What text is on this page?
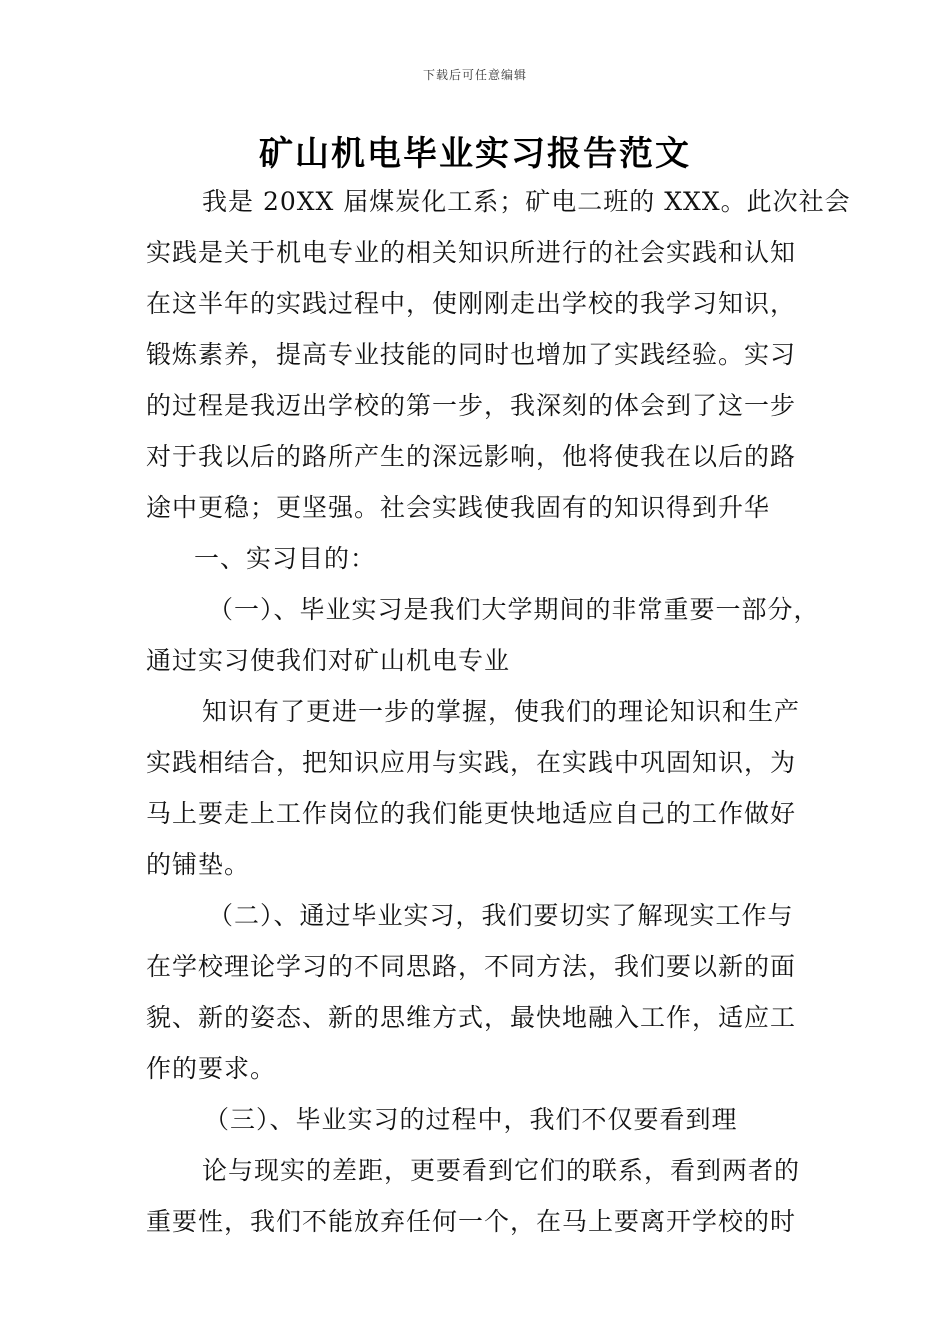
下载后可任意编辑
矿山机电毕业实习报告范文
我是 20XX 届煤炭化工系；矿电二班的 XXX。此次社会
实践是关于机电专业的相关知识所进行的社会实践和认知
在这半年的实践过程中，使刚刚走出学校的我学习知识，
锻炼素养，提高专业技能的同时也增加了实践经验。实习
的过程是我迈出学校的第一步，我深刻的体会到了这一步
对于我以后的路所产生的深远影响，他将使我在以后的路
途中更稳；更坚强。社会实践使我固有的知识得到升华
一、实习目的：
（一）、毕业实习是我们大学期间的非常重要一部分，
通过实习使我们对矿山机电专业
知识有了更进一步的掌握，使我们的理论知识和生产
实践相结合，把知识应用与实践，在实践中巩固知识，为
马上要走上工作岗位的我们能更快地适应自己的工作做好
的铺垫。
（二）、通过毕业实习，我们要切实了解现实工作与
在学校理论学习的不同思路，不同方法，我们要以新的面
貌、新的姿态、新的思维方式，最快地融入工作，适应工
作的要求。
（三）、毕业实习的过程中，我们不仅要看到理
论与现实的差距，更要看到它们的联系，看到两者的
重要性，我们不能放弃任何一个，在马上要离开学校的时
